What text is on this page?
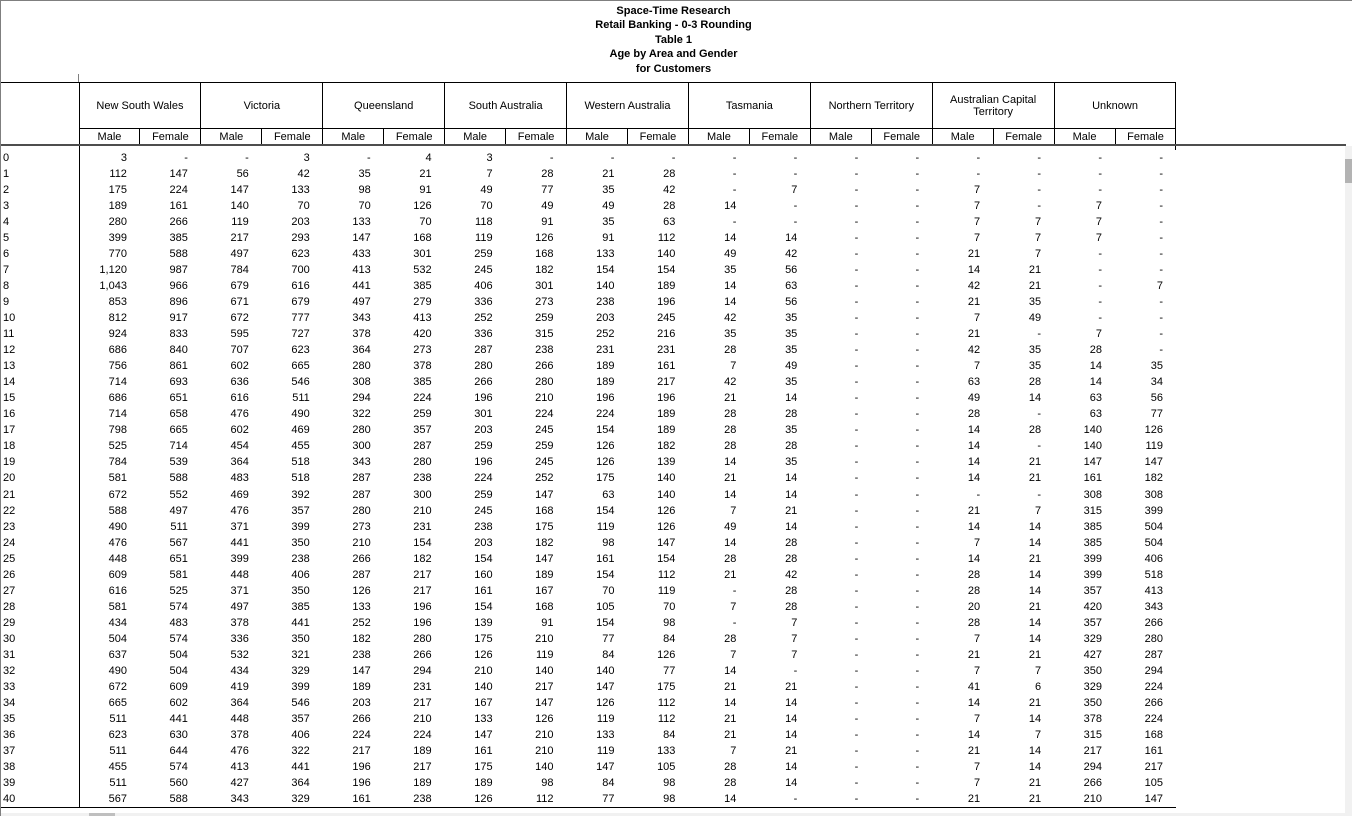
Space-Time Research
Retail Banking - 0-3 Rounding
Table 1
Age by Area and Gender
for Customers
	New South Wales		Victoria		Queensland		South Australia		Western Australia		Tasmania		Northern Territory		Australian Capital Territory		Unknown	
	Male	Female	Male	Female	Male	Female	Male	Female	Male	Female	Male	Female	Male	Female	Male	Female	Male	Female

0	3	-	-	3	-	4	3	-	-	-	-	-	-	-	-	-	-	-
1	112	147	56	42	35	21	7	28	21	28	-	-	-	-	-	-	-	-
2	175	224	147	133	98	91	49	77	35	42	-	7	-	-	7	-	-	-
3	189	161	140	70	70	126	70	49	49	28	14	-	-	-	7	-	7	-
4	280	266	119	203	133	70	118	91	35	63	-	-	-	-	7	7	7	-
5	399	385	217	293	147	168	119	126	91	112	14	14	-	-	7	7	7	-
6	770	588	497	623	433	301	259	168	133	140	49	42	-	-	21	7	-	-
7	1,120	987	784	700	413	532	245	182	154	154	35	56	-	-	14	21	-	-
8	1,043	966	679	616	441	385	406	301	140	189	14	63	-	-	42	21	-	7
9	853	896	671	679	497	279	336	273	238	196	14	56	-	-	21	35	-	-
10	812	917	672	777	343	413	252	259	203	245	42	35	-	-	7	49	-	-
11	924	833	595	727	378	420	336	315	252	216	35	35	-	-	21	-	7	-
12	686	840	707	623	364	273	287	238	231	231	28	35	-	-	42	35	28	-
13	756	861	602	665	280	378	280	266	189	161	7	49	-	-	7	35	14	35
14	714	693	636	546	308	385	266	280	189	217	42	35	-	-	63	28	14	34
15	686	651	616	511	294	224	196	210	196	196	21	14	-	-	49	14	63	56
16	714	658	476	490	322	259	301	224	224	189	28	28	-	-	28	-	63	77
17	798	665	602	469	280	357	203	245	154	189	28	35	-	-	14	28	140	126
18	525	714	454	455	300	287	259	259	126	182	28	28	-	-	14	-	140	119
19	784	539	364	518	343	280	196	245	126	139	14	35	-	-	14	21	147	147
20	581	588	483	518	287	238	224	252	175	140	21	14	-	-	14	21	161	182
21	672	552	469	392	287	300	259	147	63	140	14	14	-	-	-	-	308	308
22	588	497	476	357	280	210	245	168	154	126	7	21	-	-	21	7	315	399
23	490	511	371	399	273	231	238	175	119	126	49	14	-	-	14	14	385	504
24	476	567	441	350	210	154	203	182	98	147	14	28	-	-	7	14	385	504
25	448	651	399	238	266	182	154	147	161	154	28	28	-	-	14	21	399	406
26	609	581	448	406	287	217	160	189	154	112	21	42	-	-	28	14	399	518
27	616	525	371	350	126	217	161	167	70	119	-	28	-	-	28	14	357	413
28	581	574	497	385	133	196	154	168	105	70	7	28	-	-	20	21	420	343
29	434	483	378	441	252	196	139	91	154	98	-	7	-	-	28	14	357	266
30	504	574	336	350	182	280	175	210	77	84	28	7	-	-	7	14	329	280
31	637	504	532	321	238	266	126	119	84	126	7	7	-	-	21	21	427	287
32	490	504	434	329	147	294	210	140	140	77	14	-	-	-	7	7	350	294
33	672	609	419	399	189	231	140	217	147	175	21	21	-	-	41	6	329	224
34	665	602	364	546	203	217	167	147	126	112	14	14	-	-	14	21	350	266
35	511	441	448	357	266	210	133	126	119	112	21	14	-	-	7	14	378	224
36	623	630	378	406	224	224	147	210	133	84	21	14	-	-	14	7	315	168
37	511	644	476	322	217	189	161	210	119	133	7	21	-	-	21	14	217	161
38	455	574	413	441	196	217	175	140	147	105	28	14	-	-	7	14	294	217
39	511	560	427	364	196	189	189	98	84	98	28	14	-	-	7	21	266	105
40	567	588	343	329	161	238	126	112	77	98	14	-	-	-	21	21	210	147
